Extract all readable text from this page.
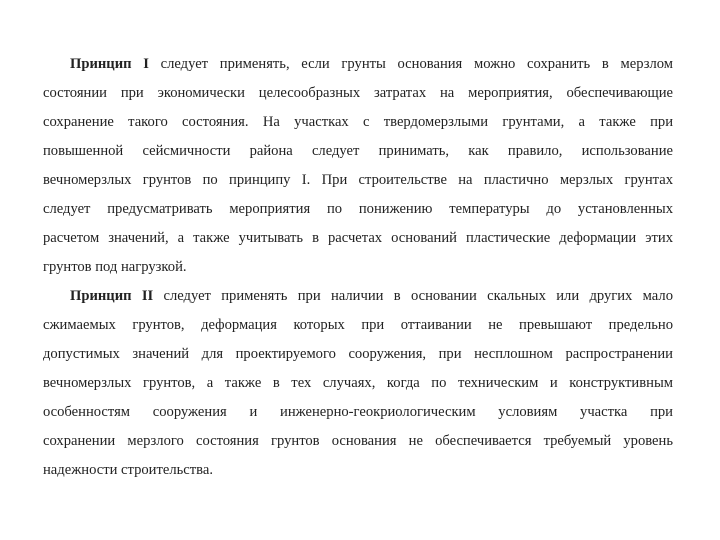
Принцип I следует применять, если грунты основания можно сохранить в мерзлом
состоянии при экономически целесообразных затратах на мероприятия, обеспечивающие
сохранение такого состояния. На участках с твердомерзлыми грунтами, а также при
повышенной сейсмичности района следует принимать, как правило, использование
вечномерзлых грунтов по принципу I. При строительстве на пластично мерзлых грунтах
следует предусматривать мероприятия по понижению температуры до установленных
расчетом значений, а также учитывать в расчетах оснований пластические деформации этих
грунтов под нагрузкой.
Принцип II следует применять при наличии в основании скальных или других мало
сжимаемых грунтов, деформация которых при оттаивании не превышают предельно
допустимых значений для проектируемого сооружения, при несплошном распространении
вечномерзлых грунтов, а также в тех случаях, когда по техническим и конструктивным
особенностям сооружения и инженерно-геокриологическим условиям участка при
сохранении мерзлого состояния грунтов основания не обеспечивается требуемый уровень
надежности строительства.
